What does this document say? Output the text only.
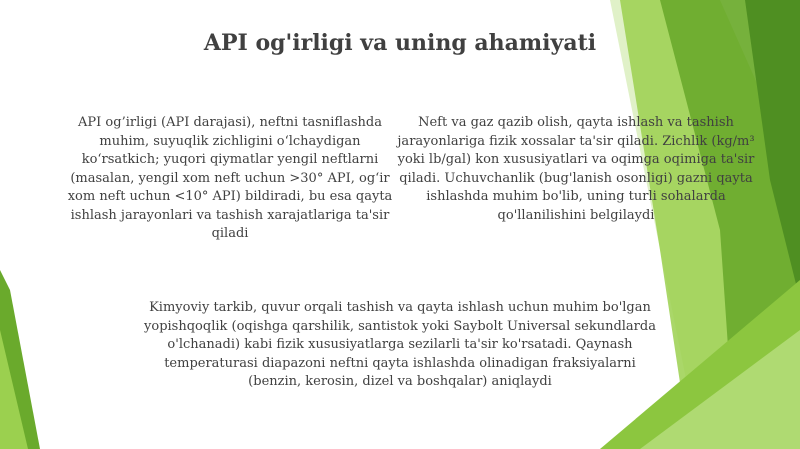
API og'irligi va uning ahamiyati
API og’irligi (API darajasi), neftni tasniflashda muhim, suyuqlik zichligini o‘lchaydigan ko‘rsatkich; yuqori qiymatlar yengil neftlarni (masalan, yengil xom neft uchun >30° API, og‘ir xom neft uchun <10° API) bildiradi, bu esa qayta ishlash jarayonlari va tashish xarajatlariga ta'sir qiladi
Neft va gaz qazib olish, qayta ishlash va tashish jarayonlariga fizik xossalar ta'sir qiladi. Zichlik (kg/m³ yoki lb/gal) kon xususiyatlari va oqimga oqimiga ta'sir qiladi. Uchuvchanlik (bug'lanish osonligi) gazni qayta ishlashda muhim bo'lib, uning turli sohalarda qo'llanilishini belgilaydi
Kimyoviy tarkib, quvur orqali tashish va qayta ishlash uchun muhim bo'lgan yopishqoqlik (oqishga qarshilik, santistok yoki Saybolt Universal sekundlarda o'lchanadi) kabi fizik xususiyatlarga sezilarli ta'sir ko'rsatadi. Qaynash temperaturasi diapazoni neftni qayta ishlashda olinadigan fraksiyalarni (benzin, kerosin, dizel va boshqalar) aniqlaydi
